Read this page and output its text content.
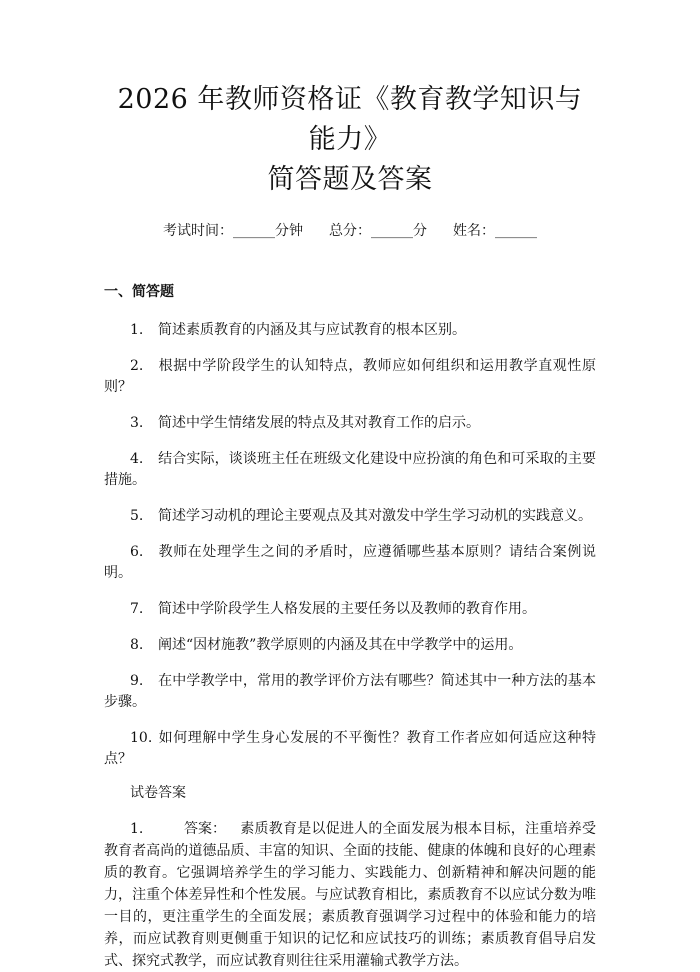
2026 年教师资格证《教育教学知识与能力》
简答题及答案
考试时间：______分钟 总分：______分 姓名：______
一、简答题

1. 简述素质教育的内涵及其与应试教育的根本区别。

2. 根据中学阶段学生的认知特点，教师应如何组织和运用教学直观性原则？

3. 简述中学生情绪发展的特点及其对教育工作的启示。

4. 结合实际，谈谈班主任在班级文化建设中应扮演的角色和可采取的主要措施。

5. 简述学习动机的理论主要观点及其对激发中学生学习动机的实践意义。

6. 教师在处理学生之间的矛盾时，应遵循哪些基本原则？请结合案例说明。

7. 简述中学阶段学生人格发展的主要任务以及教师的教育作用。

8. 阐述“因材施教”教学原则的内涵及其在中学教学中的运用。

9. 在中学教学中，常用的教学评价方法有哪些？简述其中一种方法的基本步骤。

10. 如何理解中学生身心发展的不平衡性？教育工作者应如何适应这种特点？

试卷答案

1.	答案： 素质教育是以促进人的全面发展为根本目标，注重培养受教育者高尚的道德品质、丰富的知识、全面的技能、健康的体魄和良好的心理素质的教育。它强调培养学生的学习能力、实践能力、创新精神和解决问题的能力，注重个体差异性和个性发展。与应试教育相比，素质教育不以应试分数为唯一目的，更注重学生的全面发展；素质教育强调学习过程中的体验和能力的培养，而应试教育则更侧重于知识的记忆和应试技巧的训练；素质教育倡导启发式、探究式教学，而应试教育则往往采用灌输式教学方法。
